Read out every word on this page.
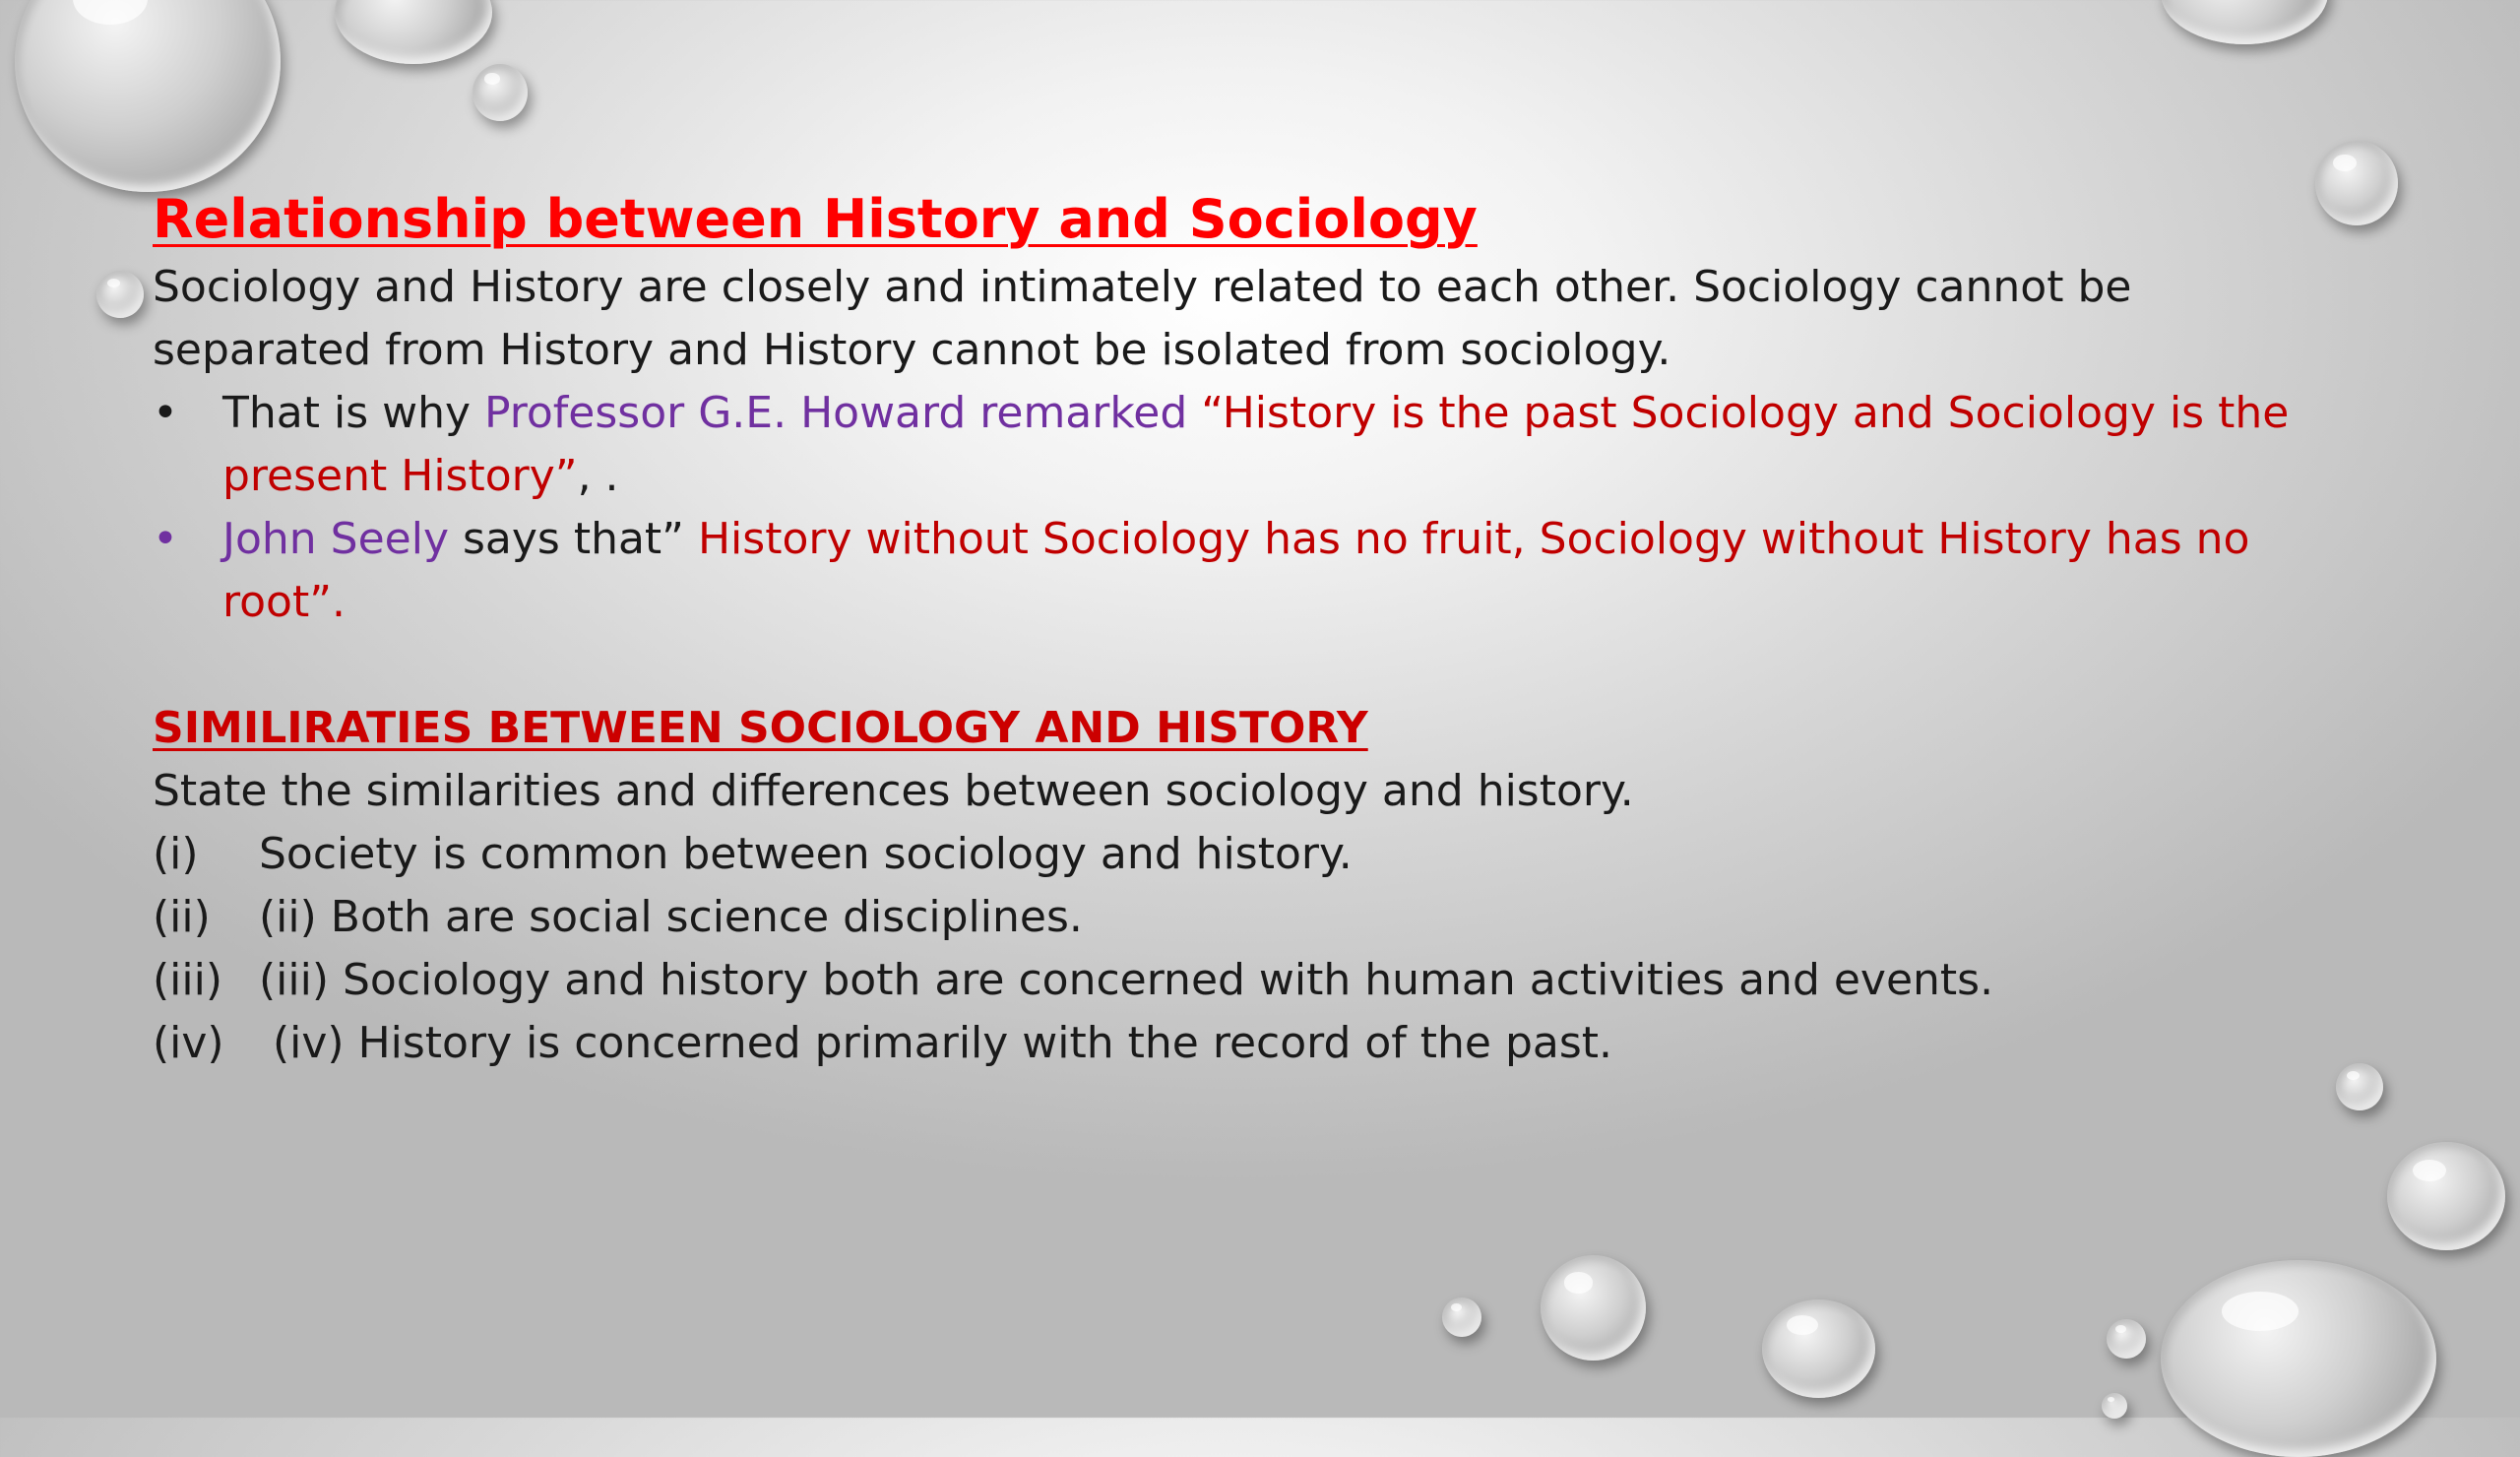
Relationship between History and Sociology
Sociology and History are closely and intimately related to each other. Sociology cannot be separated from History and History cannot be isolated from sociology.
• That is why Professor G.E. Howard remarked “History is the past Sociology and Sociology is the present History”, .
• John Seely says that” History without Sociology has no fruit, Sociology without History has no root”.
SIMILIRATIES BETWEEN SOCIOLOGY AND HISTORY
State the similarities and differences between sociology and history.
(i) Society is common between sociology and history.
(ii) (ii) Both are social science disciplines.
(iii) (iii) Sociology and history both are concerned with human activities and events.
(iv) (iv) History is concerned primarily with the record of the past.
